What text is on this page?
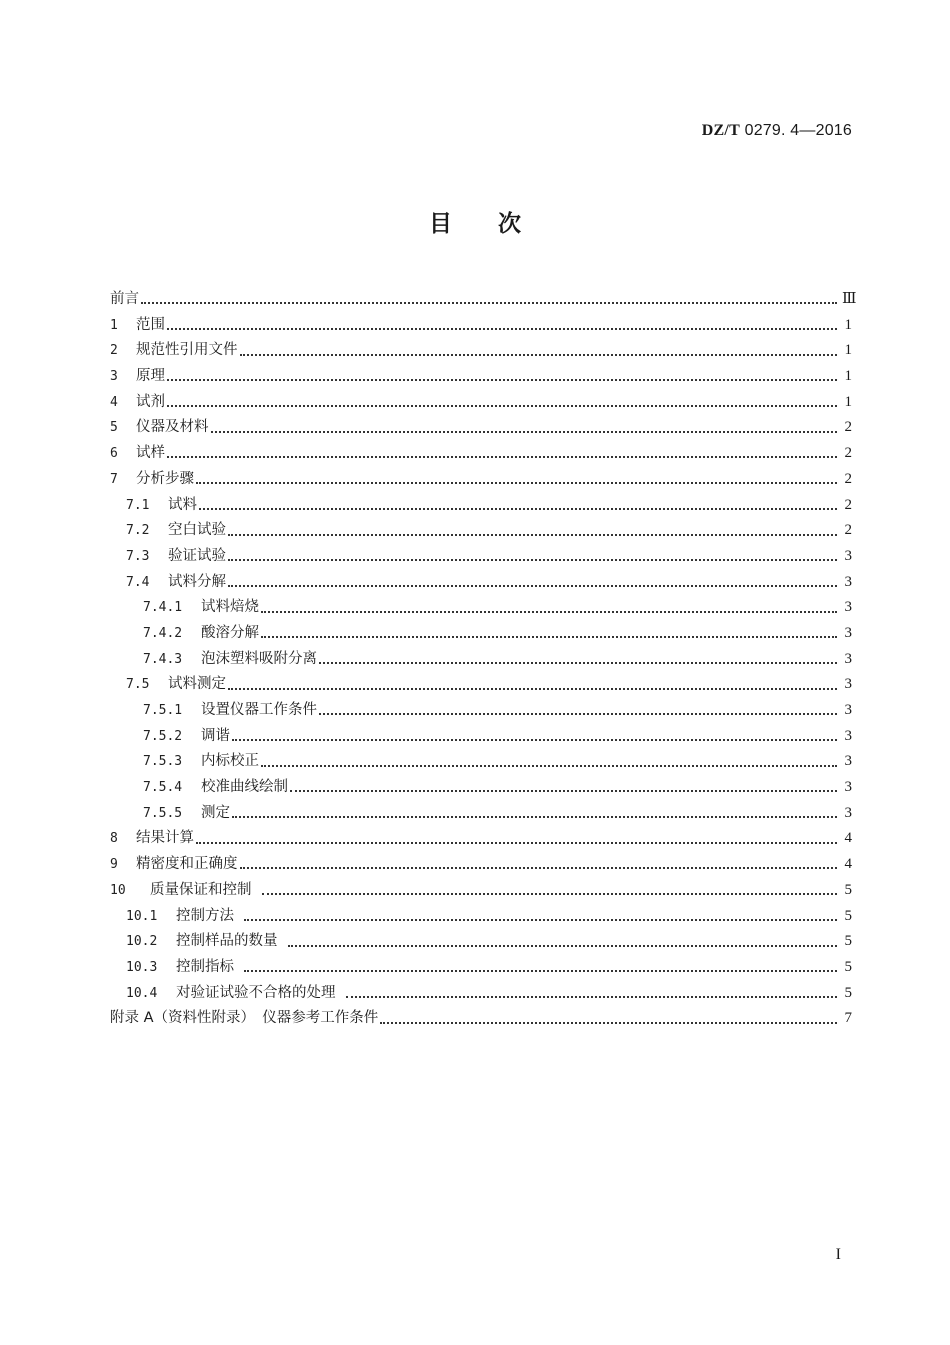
DZ/T 0279. 4—2016
目次
前言	Ⅲ
1	范围	1
2	规范性引用文件	1
3	原理	1
4	试剂	1
5	仪器及材料	2
6	试样	2
7	分析步骤	2
7.1	试料	2
7.2	空白试验	2
7.3	验证试验	3
7.4	试料分解	3
7.4.1	试料焙烧	3
7.4.2	酸溶分解	3
7.4.3	泡沫塑料吸附分离	3
7.5	试料测定	3
7.5.1	设置仪器工作条件	3
7.5.2	调谐	3
7.5.3	内标校正	3
7.5.4	校准曲线绘制	3
7.5.5	测定	3
8	结果计算	4
9	精密度和正确度	4
10	质量保证和控制	5
10.1	控制方法	5
10.2	控制样品的数量	5
10.3	控制指标	5
10.4	对验证试验不合格的处理	5
附录 A（资料性附录）　仪器参考工作条件	7
I
